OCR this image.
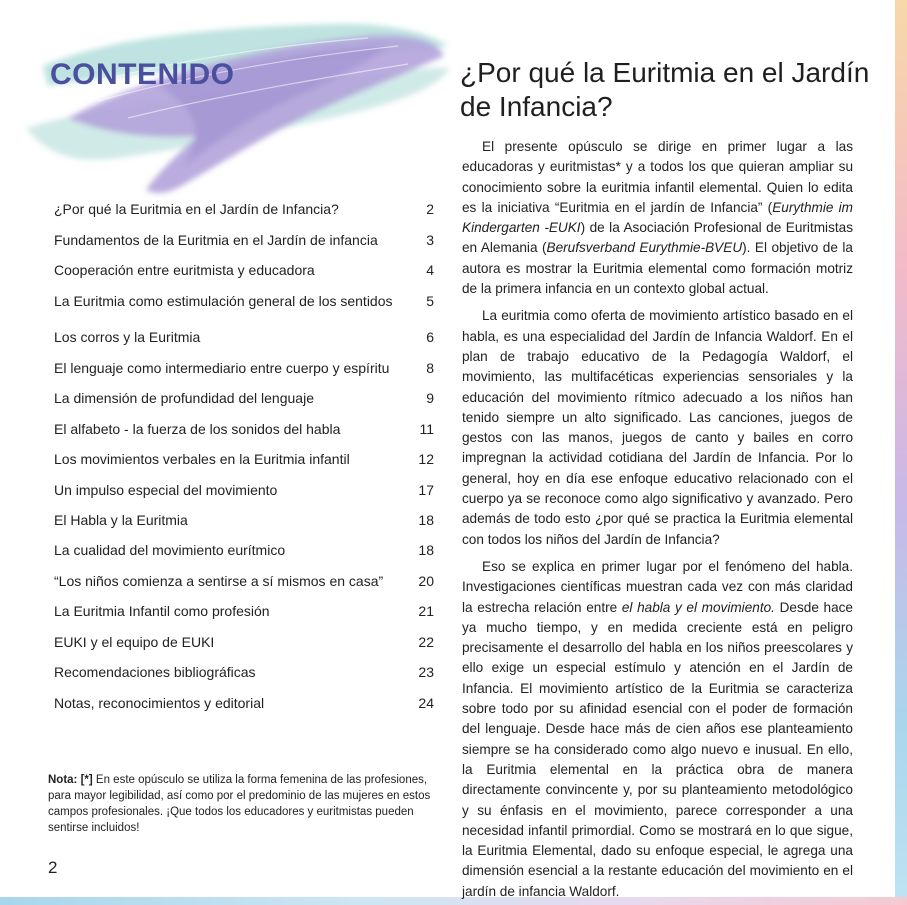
CONTENIDO
¿Por qué la Euritmia en el Jardín de Infancia?	2
Fundamentos de la Euritmia en el Jardín de infancia	3
Cooperación entre euritmista y educadora	4
La Euritmia como estimulación general de los sentidos	5
Los corros y la Euritmia	6
El lenguaje como intermediario entre cuerpo y espíritu	8
La dimensión de profundidad del lenguaje	9
El alfabeto - la fuerza de los sonidos del habla	11
Los movimientos verbales en la Euritmia infantil	12
Un impulso especial del movimiento	17
El Habla y la Euritmia	18
La cualidad del movimiento eurítmico	18
“Los niños comienza a sentirse a sí mismos en casa”	20
La Euritmia Infantil como profesión	21
EUKI y el equipo de EUKI	22
Recomendaciones bibliográficas	23
Notas, reconocimientos y editorial	24

Nota: [*] En este opúsculo se utiliza la forma femenina de las profesiones, para mayor legibilidad, así como por el predominio de las mujeres en estos campos profesionales. ¡Que todos los educadores y euritmistas pueden sentirse incluidos!

2
¿Por qué la Euritmia en el Jardín de Infancia?

El presente opúsculo se dirige en primer lugar a las educadoras y euritmistas* y a todos los que quieran ampliar su conocimiento sobre la euritmia infantil elemental. Quien lo edita es la iniciativa “Euritmia en el jardín de Infancia” (Eurythmie im Kindergarten -EUKI) de la Asociación Profesional de Euritmistas en Alemania (Berufsverband Eurythmie-BVEU). El objetivo de la autora es mostrar la Euritmia elemental como formación motriz de la primera infancia en un contexto global actual.

La euritmia como oferta de movimiento artístico basado en el habla, es una especialidad del Jardín de Infancia Waldorf. En el plan de trabajo educativo de la Pedagogía Waldorf, el movimiento, las multifacéticas experiencias sensoriales y la educación del movimiento rítmico adecuado a los niños han tenido siempre un alto significado. Las canciones, juegos de gestos con las manos, juegos de canto y bailes en corro impregnan la actividad cotidiana del Jardín de Infancia. Por lo general, hoy en día ese enfoque educativo relacionado con el cuerpo ya se reconoce como algo significativo y avanzado. Pero además de todo esto ¿por qué se practica la Euritmia elemental con todos los niños del Jardín de Infancia?

Eso se explica en primer lugar por el fenómeno del habla. Investigaciones científicas muestran cada vez con más claridad la estrecha relación entre el habla y el movimiento. Desde hace ya mucho tiempo, y en medida creciente está en peligro precisamente el desarrollo del habla en los niños preescolares y ello exige un especial estímulo y atención en el Jardín de Infancia. El movimiento artístico de la Euritmia se caracteriza sobre todo por su afinidad esencial con el poder de formación del lenguaje. Desde hace más de cien años ese planteamiento siempre se ha considerado como algo nuevo e inusual. En ello, la Euritmia elemental en la práctica obra de manera directamente convincente y, por su planteamiento metodológico y su énfasis en el movimiento, parece corresponder a una necesidad infantil primordial. Como se mostrará en lo que sigue, la Euritmia Elemental, dado su enfoque especial, le agrega una dimensión esencial a la restante educación del movimiento en el jardín de infancia Waldorf.
